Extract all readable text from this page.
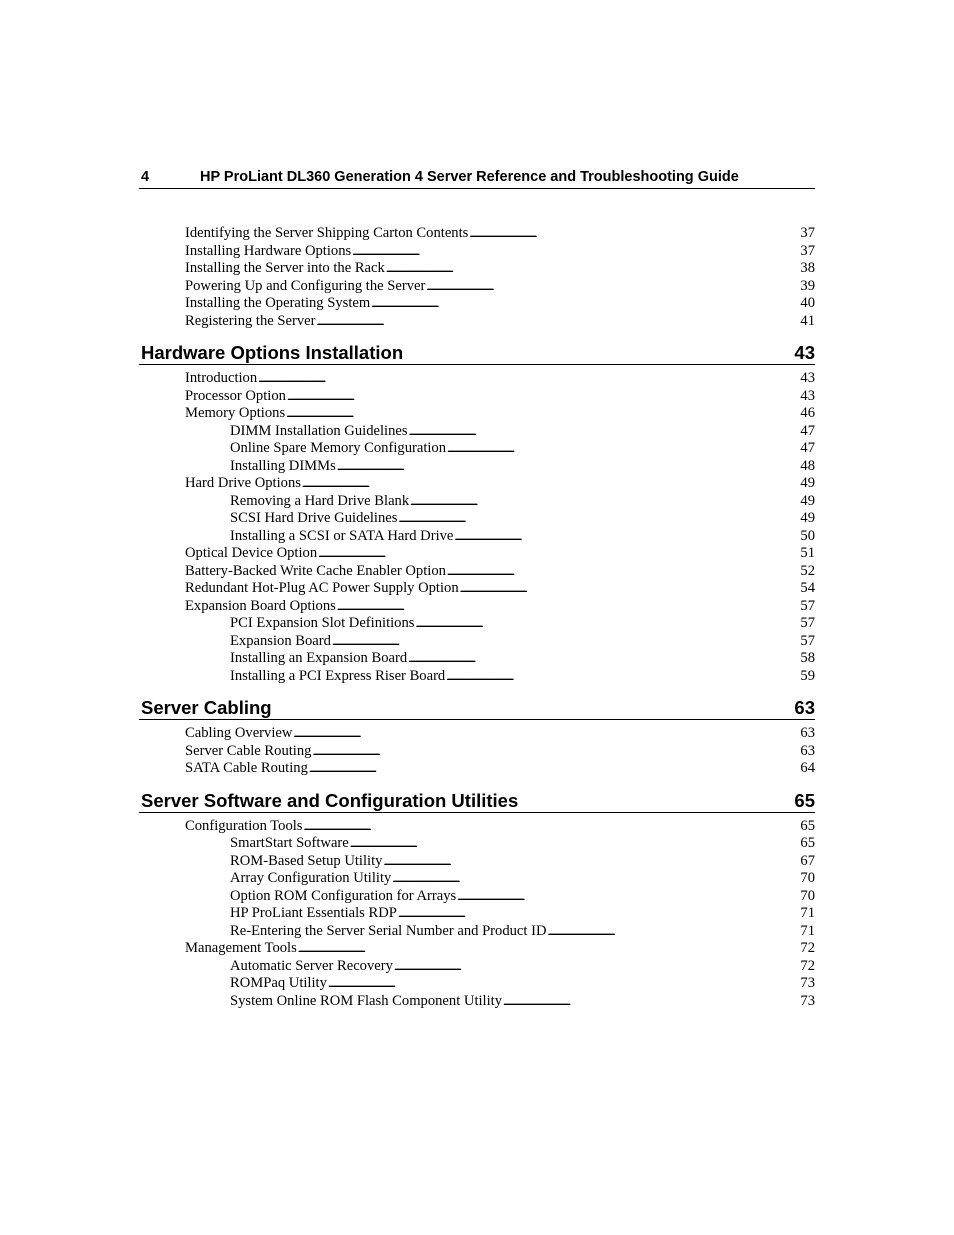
4	HP ProLiant DL360 Generation 4 Server Reference and Troubleshooting Guide
Identifying the Server Shipping Carton Contents . . .	37
Installing Hardware Options . . .	37
Installing the Server into the Rack . . .	38
Powering Up and Configuring the Server . . .	39
Installing the Operating System . . .	40
Registering the Server . . .	41
Hardware Options Installation	43
Introduction . . .	43
Processor Option . . .	43
Memory Options . . .	46
DIMM Installation Guidelines . . .	47
Online Spare Memory Configuration . . .	47
Installing DIMMs . . .	48
Hard Drive Options . . .	49
Removing a Hard Drive Blank . . .	49
SCSI Hard Drive Guidelines . . .	49
Installing a SCSI or SATA Hard Drive . . .	50
Optical Device Option . . .	51
Battery-Backed Write Cache Enabler Option . . .	52
Redundant Hot-Plug AC Power Supply Option . . .	54
Expansion Board Options . . .	57
PCI Expansion Slot Definitions . . .	57
Expansion Board . . .	57
Installing an Expansion Board . . .	58
Installing a PCI Express Riser Board . . .	59
Server Cabling	63
Cabling Overview . . .	63
Server Cable Routing . . .	63
SATA Cable Routing . . .	64
Server Software and Configuration Utilities	65
Configuration Tools . . .	65
SmartStart Software . . .	65
ROM-Based Setup Utility . . .	67
Array Configuration Utility . . .	70
Option ROM Configuration for Arrays . . .	70
HP ProLiant Essentials RDP . . .	71
Re-Entering the Server Serial Number and Product ID . . .	71
Management Tools . . .	72
Automatic Server Recovery . . .	72
ROMPaq Utility . . .	73
System Online ROM Flash Component Utility . . .	73
